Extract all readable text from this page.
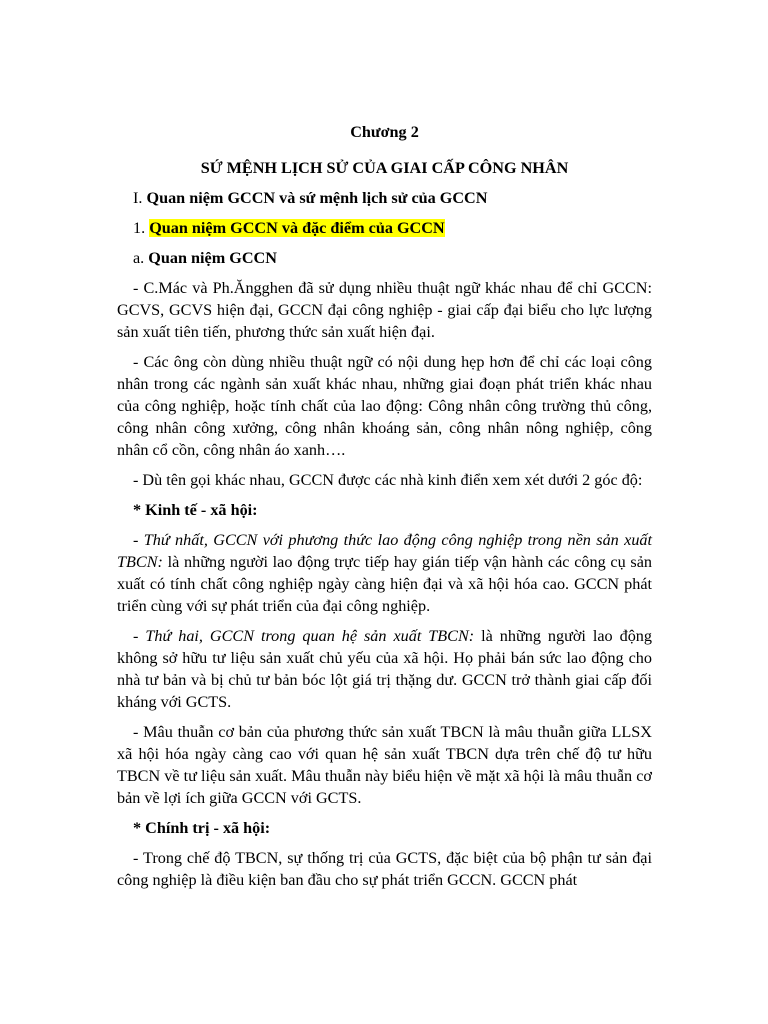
Chương 2
SỨ MỆNH LỊCH SỬ CỦA GIAI CẤP CÔNG NHÂN
I. Quan niệm GCCN và sứ mệnh lịch sử của GCCN
1. Quan niệm GCCN và đặc điểm của GCCN
a. Quan niệm GCCN

- C.Mác và Ph.Ăngghen đã sử dụng nhiều thuật ngữ khác nhau để chỉ GCCN: GCVS, GCVS hiện đại, GCCN đại công nghiệp - giai cấp đại biểu cho lực lượng sản xuất tiên tiến, phương thức sản xuất hiện đại.

- Các ông còn dùng nhiều thuật ngữ có nội dung hẹp hơn để chỉ các loại công nhân trong các ngành sản xuất khác nhau, những giai đoạn phát triển khác nhau của công nghiệp, hoặc tính chất của lao động: Công nhân công trường thủ công, công nhân công xưởng, công nhân khoáng sản, công nhân nông nghiệp, công nhân cổ cồn, công nhân áo xanh….

- Dù tên gọi khác nhau, GCCN được các nhà kinh điển xem xét dưới 2 góc độ:

* Kinh tế - xã hội:

- Thứ nhất, GCCN với phương thức lao động công nghiệp trong nền sản xuất TBCN: là những người lao động trực tiếp hay gián tiếp vận hành các công cụ sản xuất có tính chất công nghiệp ngày càng hiện đại và xã hội hóa cao. GCCN phát triển cùng với sự phát triển của đại công nghiệp.

- Thứ hai, GCCN trong quan hệ sản xuất TBCN: là những người lao động không sở hữu tư liệu sản xuất chủ yếu của xã hội. Họ phải bán sức lao động cho nhà tư bản và bị chủ tư bản bóc lột giá trị thặng dư. GCCN trở thành giai cấp đối kháng với GCTS.

- Mâu thuẫn cơ bản của phương thức sản xuất TBCN là mâu thuẫn giữa LLSX xã hội hóa ngày càng cao với quan hệ sản xuất TBCN dựa trên chế độ tư hữu TBCN về tư liệu sản xuất. Mâu thuẫn này biểu hiện về mặt xã hội là mâu thuẫn cơ bản về lợi ích giữa GCCN với GCTS.

* Chính trị - xã hội:

- Trong chế độ TBCN, sự thống trị của GCTS, đặc biệt của bộ phận tư sản đại công nghiệp là điều kiện ban đầu cho sự phát triển GCCN. GCCN phát
